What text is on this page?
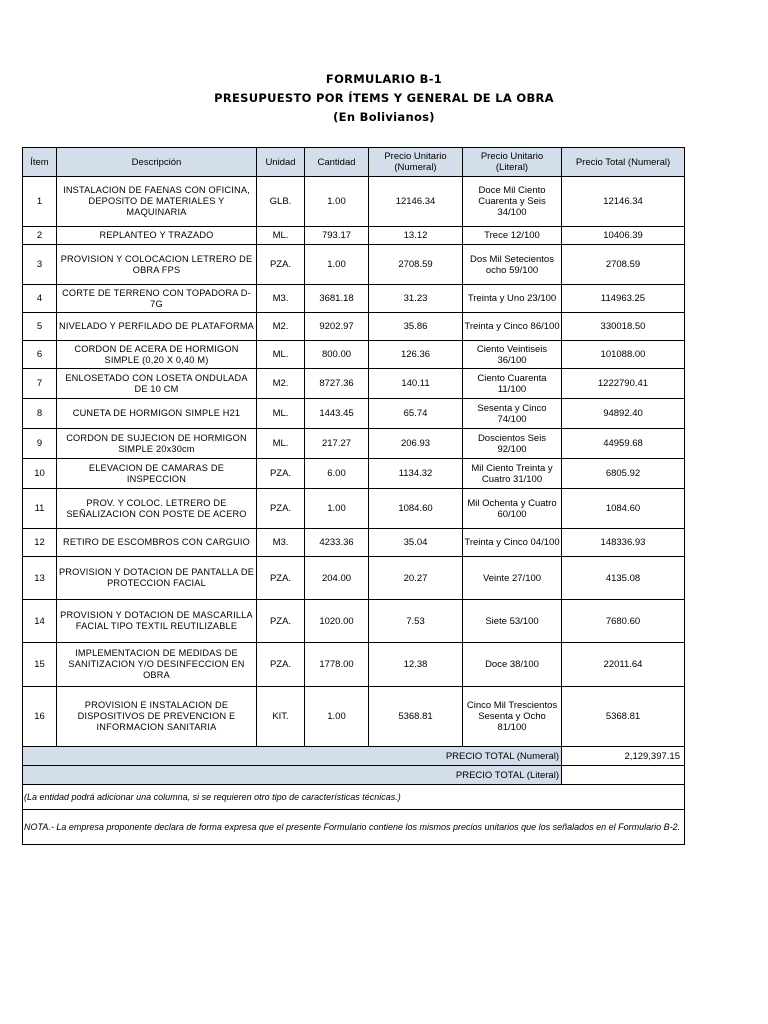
FORMULARIO B-1
PRESUPUESTO POR ÍTEMS Y GENERAL DE LA OBRA
(En Bolivianos)
Ítem	Descripción	Unidad	Cantidad	Precio Unitario (Numeral)	Precio Unitario (Literal)	Precio Total (Numeral)
1	INSTALACION DE FAENAS CON OFICINA, DEPOSITO DE MATERIALES Y MAQUINARIA	GLB.	1.00	12146.34	Doce Mil Ciento Cuarenta y Seis 34/100	12146.34
2	REPLANTEO Y TRAZADO	ML.	793.17	13.12	Trece 12/100	10406.39
3	PROVISION Y COLOCACION LETRERO DE OBRA FPS	PZA.	1.00	2708.59	Dos Mil Setecientos ocho 59/100	2708.59
4	CORTE DE TERRENO CON TOPADORA D-7G	M3.	3681.18	31.23	Treinta y Uno 23/100	114963.25
5	NIVELADO Y PERFILADO DE PLATAFORMA	M2.	9202.97	35.86	Treinta y Cinco 86/100	330018.50
6	CORDON DE ACERA DE HORMIGON SIMPLE (0,20 X 0,40 M)	ML.	800.00	126.36	Ciento Veintiseis 36/100	101088.00
7	ENLOSETADO CON LOSETA ONDULADA DE 10 CM	M2.	8727.36	140.11	Ciento Cuarenta 11/100	1222790.41
8	CUNETA DE HORMIGON SIMPLE H21	ML.	1443.45	65.74	Sesenta y Cinco 74/100	94892.40
9	CORDON DE SUJECION DE HORMIGON SIMPLE 20x30cm	ML.	217.27	206.93	Doscientos Seis 92/100	44959.68
10	ELEVACION DE CAMARAS DE INSPECCION	PZA.	6.00	1134.32	Mil Ciento Treinta y Cuatro 31/100	6805.92
11	PROV. Y COLOC. LETRERO DE SEÑALIZACION CON POSTE DE ACERO	PZA.	1.00	1084.60	Mil Ochenta y Cuatro 60/100	1084.60
12	RETIRO DE ESCOMBROS CON CARGUIO	M3.	4233.36	35.04	Treinta y Cinco 04/100	148336.93
13	PROVISION Y DOTACION DE PANTALLA DE PROTECCION FACIAL	PZA.	204.00	20.27	Veinte 27/100	4135.08
14	PROVISION Y DOTACION DE MASCARILLA FACIAL TIPO TEXTIL REUTILIZABLE	PZA.	1020.00	7.53	Siete 53/100	7680.60
15	IMPLEMENTACION DE MEDIDAS DE SANITIZACION Y/O DESINFECCION EN OBRA	PZA.	1778.00	12.38	Doce 38/100	22011.64
16	PROVISION E INSTALACION DE DISPOSITIVOS DE PREVENCION E INFORMACION SANITARIA	KIT.	1.00	5368.81	Cinco Mil Trescientos Sesenta y Ocho 81/100	5368.81
PRECIO TOTAL (Numeral)						2,129,397.15
PRECIO TOTAL (Literal)						
(La entidad podrá adicionar una columna, si se requieren otro tipo de características técnicas.)						
NOTA.- La empresa proponente declara de forma expresa que el presente Formulario contiene los mismos precios unitarios que los señalados en el Formulario B-2.						
